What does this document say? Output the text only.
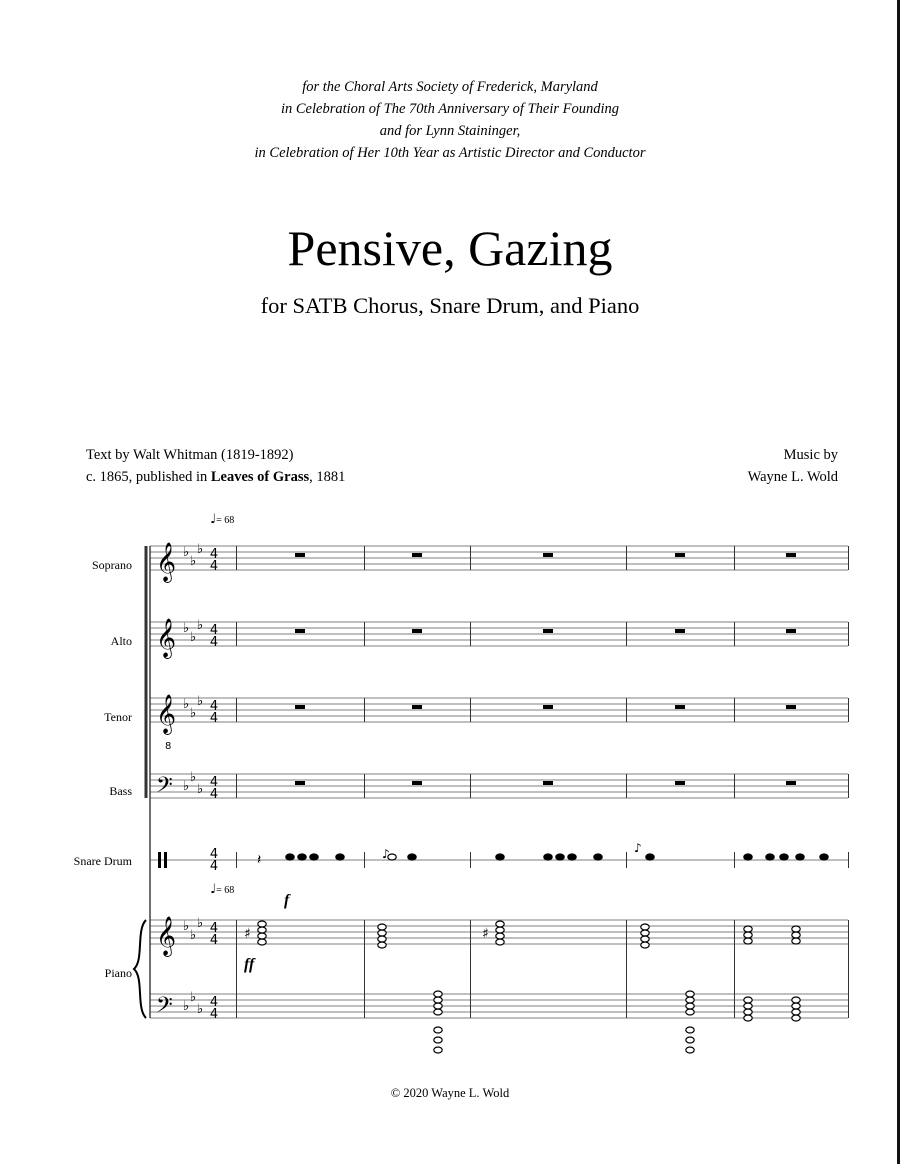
for the Choral Arts Society of Frederick, Maryland
in Celebration of The 70th Anniversary of Their Founding
and for Lynn Staininger,
in Celebration of Her 10th Year as Artistic Director and Conductor
Pensive, Gazing
for SATB Chorus, Snare Drum, and Piano
Text by Walt Whitman (1819-1892)
c. 1865, published in Leaves of Grass, 1881
Music by
Wayne L. Wold
♩= 68
♩= 68
Soprano
Alto
Tenor
Bass
Snare Drum
Piano
f
ff
𝄞 ♭
♭
♭ 4
4
𝄞 ♭
♭
♭ 4
4
𝄞 ♭
♭
♭ 4
4
𝄢 ♭
♭
♭ 4
4
𝄞 ♭
♭
♭ 4
4
𝄢 ♭
♭
♭ 4
4
8
4
4	𝄽	♪	♪
♯	♯
© 2020 Wayne L. Wold
